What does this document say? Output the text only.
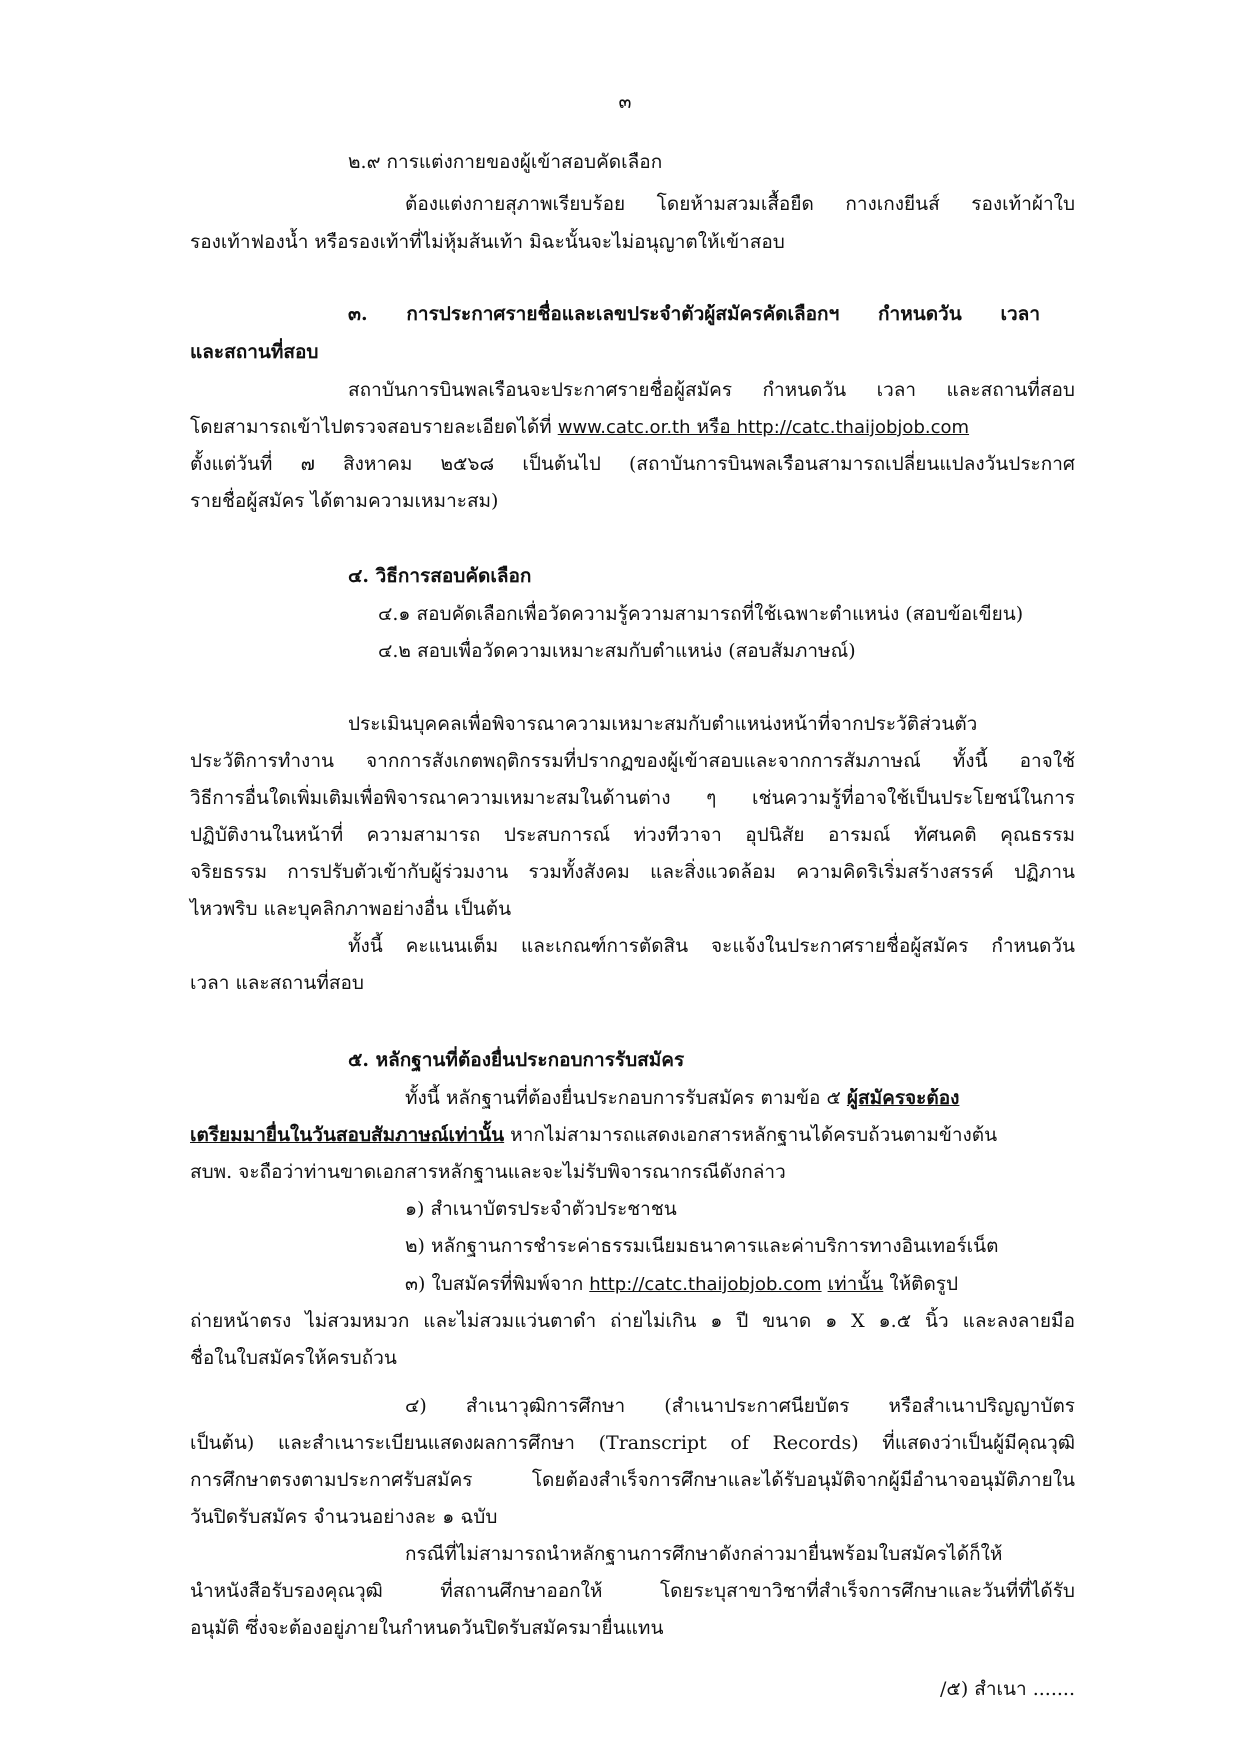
๓
๒.๙ การแต่งกายของผู้เข้าสอบคัดเลือก
ต้องแต่งกายสุภาพเรียบร้อย โดยห้ามสวมเสื้อยืด กางเกงยีนส์ รองเท้าผ้าใบ
รองเท้าฟองน้ำ หรือรองเท้าที่ไม่หุ้มส้นเท้า มิฉะนั้นจะไม่อนุญาตให้เข้าสอบ
๓. การประกาศรายชื่อและเลขประจำตัวผู้สมัครคัดเลือกฯ กำหนดวัน เวลา
และสถานที่สอบ
สถาบันการบินพลเรือนจะประกาศรายชื่อผู้สมัคร กำหนดวัน เวลา และสถานที่สอบ
โดยสามารถเข้าไปตรวจสอบรายละเอียดได้ที่ www.catc.or.th หรือ http://catc.thaijobjob.com
ตั้งแต่วันที่ ๗ สิงหาคม ๒๕๖๘ เป็นต้นไป (สถาบันการบินพลเรือนสามารถเปลี่ยนแปลงวันประกาศ
รายชื่อผู้สมัคร ได้ตามความเหมาะสม)
๔. วิธีการสอบคัดเลือก
๔.๑ สอบคัดเลือกเพื่อวัดความรู้ความสามารถที่ใช้เฉพาะตำแหน่ง (สอบข้อเขียน)
๔.๒ สอบเพื่อวัดความเหมาะสมกับตำแหน่ง (สอบสัมภาษณ์)
ประเมินบุคคลเพื่อพิจารณาความเหมาะสมกับตำแหน่งหน้าที่จากประวัติส่วนตัว
ประวัติการทำงาน จากการสังเกตพฤติกรรมที่ปรากฏของผู้เข้าสอบและจากการสัมภาษณ์ ทั้งนี้ อาจใช้
วิธีการอื่นใดเพิ่มเติมเพื่อพิจารณาความเหมาะสมในด้านต่าง ๆ เช่นความรู้ที่อาจใช้เป็นประโยชน์ในการ
ปฏิบัติงานในหน้าที่ ความสามารถ ประสบการณ์ ท่วงทีวาจา อุปนิสัย อารมณ์ ทัศนคติ คุณธรรม
จริยธรรม การปรับตัวเข้ากับผู้ร่วมงาน รวมทั้งสังคม และสิ่งแวดล้อม ความคิดริเริ่มสร้างสรรค์ ปฏิภาน
ไหวพริบ และบุคลิกภาพอย่างอื่น เป็นต้น
ทั้งนี้ คะแนนเต็ม และเกณฑ์การตัดสิน จะแจ้งในประกาศรายชื่อผู้สมัคร กำหนดวัน
เวลา และสถานที่สอบ
๕. หลักฐานที่ต้องยื่นประกอบการรับสมัคร
ทั้งนี้ หลักฐานที่ต้องยื่นประกอบการรับสมัคร ตามข้อ ๕ ผู้สมัครจะต้อง
เตรียมมายื่นในวันสอบสัมภาษณ์เท่านั้น หากไม่สามารถแสดงเอกสารหลักฐานได้ครบถ้วนตามข้างต้น
สบพ. จะถือว่าท่านขาดเอกสารหลักฐานและจะไม่รับพิจารณากรณีดังกล่าว
๑) สำเนาบัตรประจำตัวประชาชน
๒) หลักฐานการชำระค่าธรรมเนียมธนาคารและค่าบริการทางอินเทอร์เน็ต
๓) ใบสมัครที่พิมพ์จาก http://catc.thaijobjob.com เท่านั้น ให้ติดรูป
ถ่ายหน้าตรง ไม่สวมหมวก และไม่สวมแว่นตาดำ ถ่ายไม่เกิน ๑ ปี ขนาด ๑ X ๑.๕ นิ้ว และลงลายมือ
ชื่อในใบสมัครให้ครบถ้วน
๔) สำเนาวุฒิการศึกษา (สำเนาประกาศนียบัตร หรือสำเนาปริญญาบัตร
เป็นต้น) และสำเนาระเบียนแสดงผลการศึกษา (Transcript of Records) ที่แสดงว่าเป็นผู้มีคุณวุฒิ
การศึกษาตรงตามประกาศรับสมัคร โดยต้องสำเร็จการศึกษาและได้รับอนุมัติจากผู้มีอำนาจอนุมัติภายใน
วันปิดรับสมัคร จำนวนอย่างละ ๑ ฉบับ
กรณีที่ไม่สามารถนำหลักฐานการศึกษาดังกล่าวมายื่นพร้อมใบสมัครได้ก็ให้
นำหนังสือรับรองคุณวุฒิ ที่สถานศึกษาออกให้ โดยระบุสาขาวิชาที่สำเร็จการศึกษาและวันที่ที่ได้รับ
อนุมัติ ซึ่งจะต้องอยู่ภายในกำหนดวันปิดรับสมัครมายื่นแทน
/๕) สำเนา .......
